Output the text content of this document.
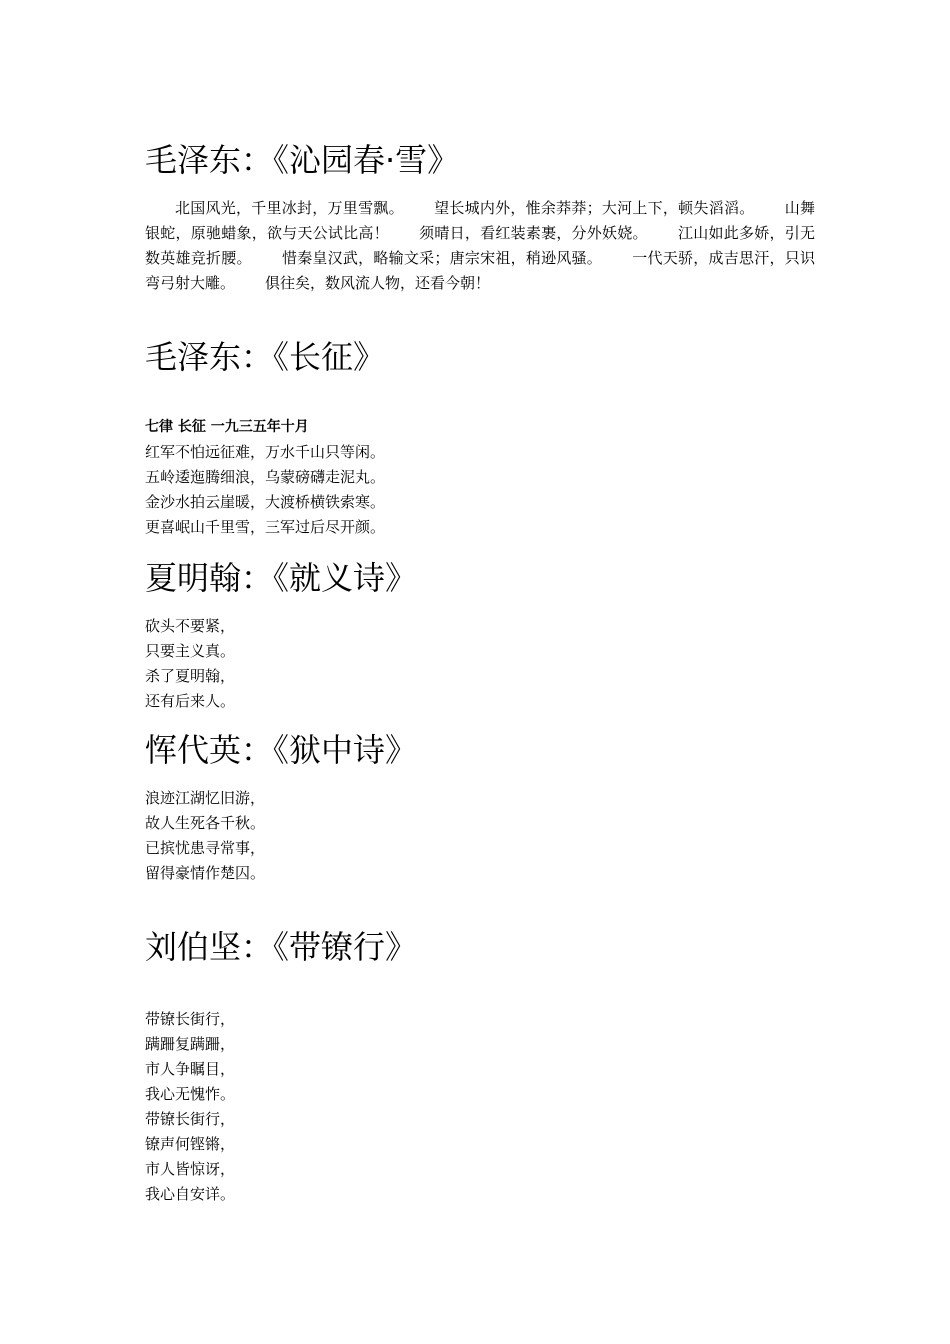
毛泽东：《沁园春·雪》

北国风光，千里冰封，万里雪飘。 望长城内外，惟余莽莽；大河上下，顿失滔滔。 山舞银蛇，原驰蜡象，欲与天公试比高！ 须晴日，看红装素裹，分外妖娆。 江山如此多娇，引无数英雄竞折腰。 惜秦皇汉武，略输文采；唐宗宋祖，稍逊风骚。 一代天骄，成吉思汗，只识弯弓射大雕。 俱往矣，数风流人物，还看今朝！

毛泽东：《长征》
七律 长征 一九三五年十月
红军不怕远征难，万水千山只等闲。
五岭逶迤腾细浪，乌蒙磅礴走泥丸。
金沙水拍云崖暖，大渡桥横铁索寒。
更喜岷山千里雪，三军过后尽开颜。
夏明翰：《就义诗》
砍头不要紧，
只要主义真。
杀了夏明翰，
还有后来人。
恽代英：《狱中诗》
浪迹江湖忆旧游，
故人生死各千秋。
已摈忧患寻常事，
留得豪情作楚囚。
刘伯坚：《带镣行》
带镣长街行，
蹒跚复蹒跚，
市人争瞩目，
我心无愧怍。
带镣长街行，
镣声何铿锵，
市人皆惊讶，
我心自安详。
